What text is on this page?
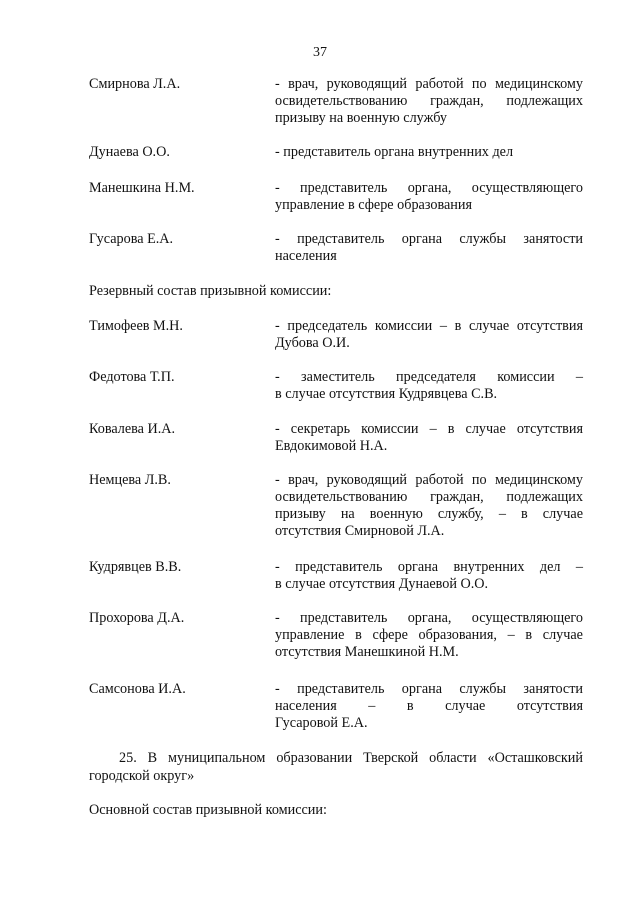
37
Смирнова Л.А.	- врач, руководящий работой по медицинскому
освидетельствованию граждан, подлежащих
призыву на военную службу
Дунаева О.О.	- представитель органа внутренних дел
Манешкина Н.М.	- представитель органа, осуществляющего
управление в сфере образования
Гусарова Е.А.	- представитель органа службы занятости
населения
Резервный состав призывной комиссии:
Тимофеев М.Н.	- председатель комиссии – в случае отсутствия
Дубова О.И.
Федотова Т.П.	- заместитель председателя комиссии –
в случае отсутствия Кудрявцева С.В.
Ковалева И.А.	- секретарь комиссии – в случае отсутствия
Евдокимовой Н.А.
Немцева Л.В.	- врач, руководящий работой по медицинскому
освидетельствованию граждан, подлежащих
призыву на военную службу, – в случае
отсутствия Смирновой Л.А.
Кудрявцев В.В.	- представитель органа внутренних дел –
в случае отсутствия Дунаевой О.О.
Прохорова Д.А.	- представитель органа, осуществляющего
управление в сфере образования, – в случае
отсутствия Манешкиной Н.М.
Самсонова И.А.	- представитель органа службы занятости
населения – в случае отсутствия
Гусаровой Е.А.
25. В муниципальном образовании Тверской области «Осташковский
городской округ»
Основной состав призывной комиссии:
